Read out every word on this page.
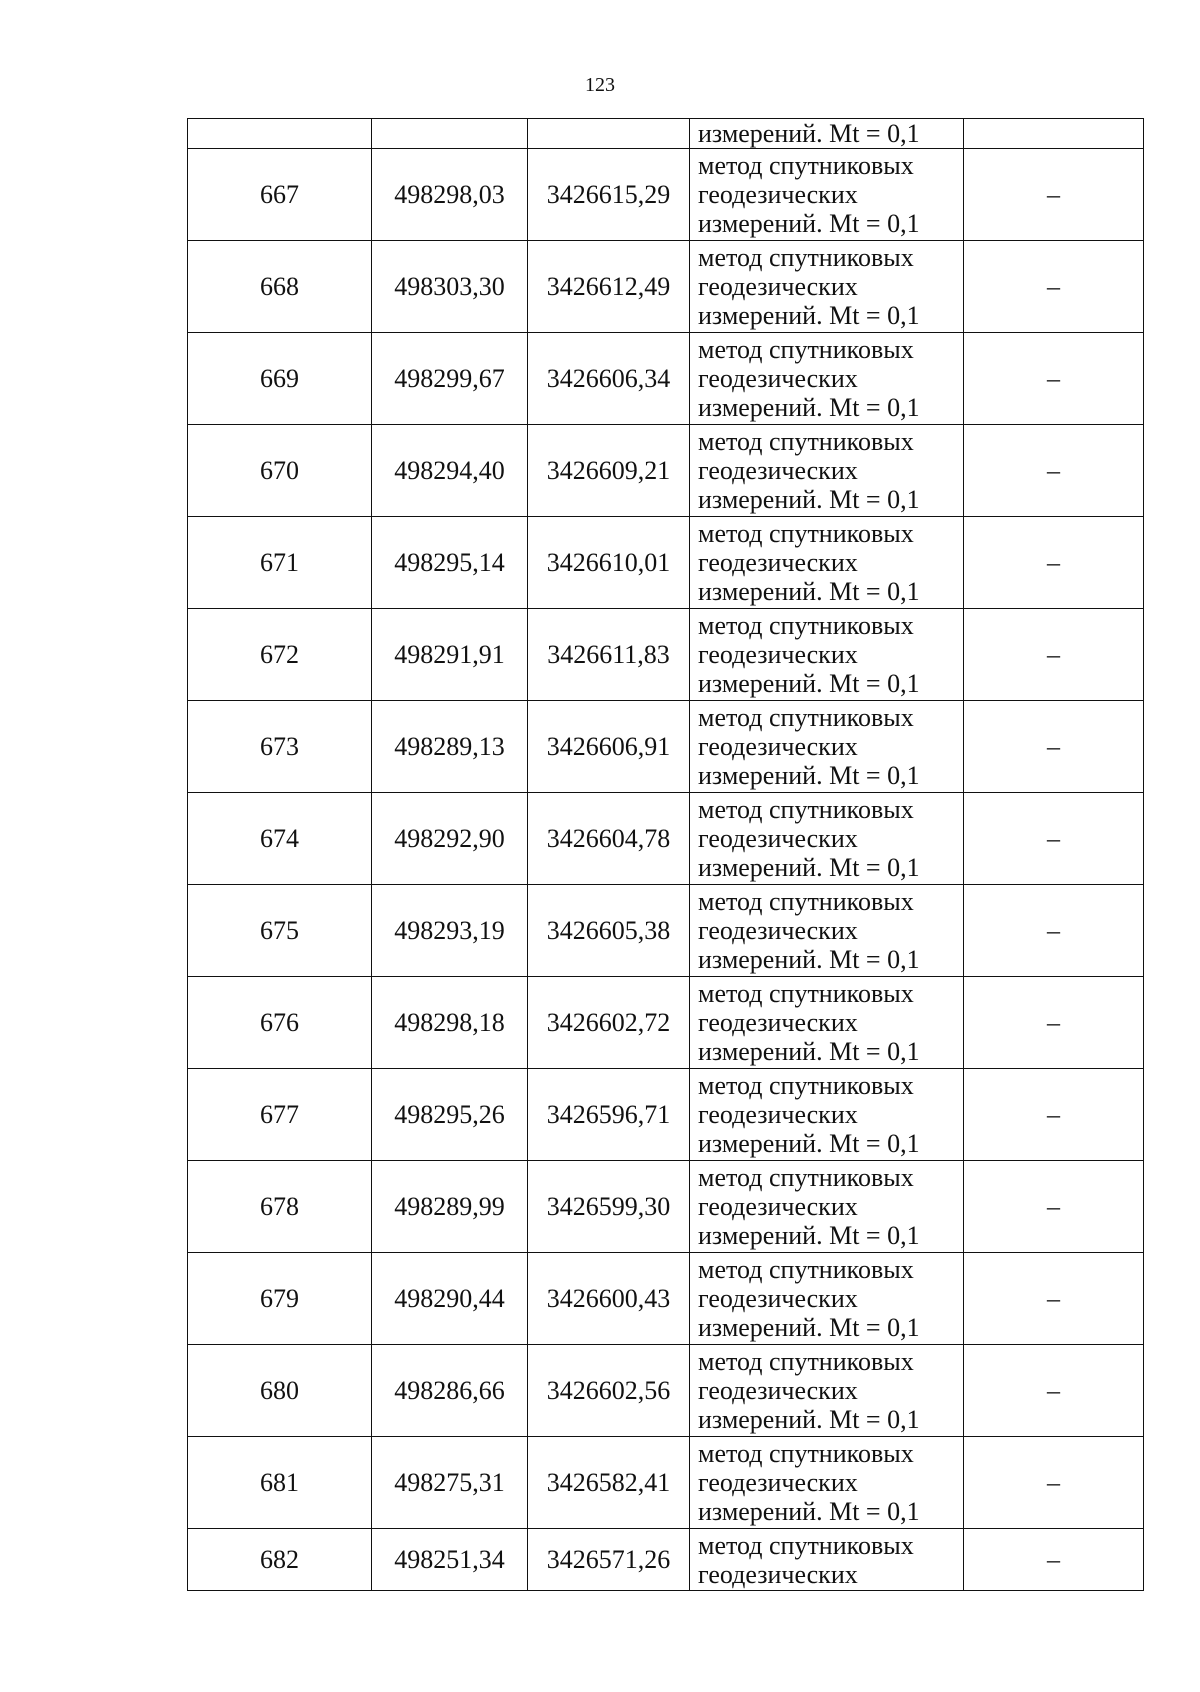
123

			измерений. Mt = 0,1	

667	498298,03	3426615,29	метод спутниковых
геодезических
измерений. Mt = 0,1	–
668	498303,30	3426612,49	метод спутниковых
геодезических
измерений. Mt = 0,1	–
669	498299,67	3426606,34	метод спутниковых
геодезических
измерений. Mt = 0,1	–
670	498294,40	3426609,21	метод спутниковых
геодезических
измерений. Mt = 0,1	–
671	498295,14	3426610,01	метод спутниковых
геодезических
измерений. Mt = 0,1	–
672	498291,91	3426611,83	метод спутниковых
геодезических
измерений. Mt = 0,1	–
673	498289,13	3426606,91	метод спутниковых
геодезических
измерений. Mt = 0,1	–
674	498292,90	3426604,78	метод спутниковых
геодезических
измерений. Mt = 0,1	–
675	498293,19	3426605,38	метод спутниковых
геодезических
измерений. Mt = 0,1	–
676	498298,18	3426602,72	метод спутниковых
геодезических
измерений. Mt = 0,1	–
677	498295,26	3426596,71	метод спутниковых
геодезических
измерений. Mt = 0,1	–
678	498289,99	3426599,30	метод спутниковых
геодезических
измерений. Mt = 0,1	–
679	498290,44	3426600,43	метод спутниковых
геодезических
измерений. Mt = 0,1	–
680	498286,66	3426602,56	метод спутниковых
геодезических
измерений. Mt = 0,1	–
681	498275,31	3426582,41	метод спутниковых
геодезических
измерений. Mt = 0,1	–
682	498251,34	3426571,26	метод спутниковых
геодезических	–
